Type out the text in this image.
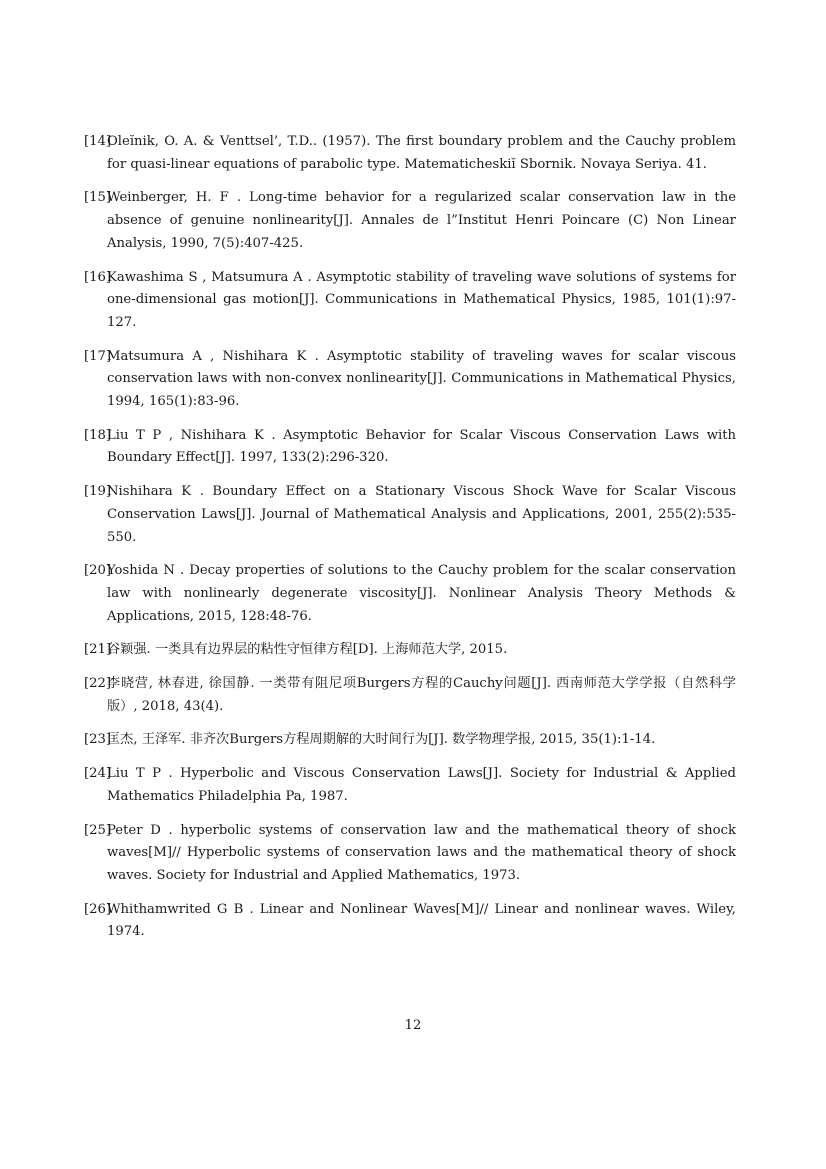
[14]
Oleĭnik, O. A. & Venttsel’, T.D.. (1957). The first boundary problem and the Cauchy problem for quasi-linear equations of parabolic type. Matematicheskiĭ Sbornik. Novaya Seriya. 41.
[15]
Weinberger, H. F . Long-time behavior for a regularized scalar conservation law in the absence of genuine nonlinearity[J]. Annales de l”Institut Henri Poincare (C) Non Linear Analysis, 1990, 7(5):407-425.
[16]
Kawashima S , Matsumura A . Asymptotic stability of traveling wave solutions of systems for one-dimensional gas motion[J]. Communications in Mathematical Physics, 1985, 101(1):97-127.
[17]
Matsumura A , Nishihara K . Asymptotic stability of traveling waves for scalar viscous conservation laws with non-convex nonlinearity[J]. Communications in Mathematical Physics, 1994, 165(1):83-96.
[18]
Liu T P , Nishihara K . Asymptotic Behavior for Scalar Viscous Conservation Laws with Boundary Effect[J]. 1997, 133(2):296-320.
[19]
Nishihara K . Boundary Effect on a Stationary Viscous Shock Wave for Scalar Viscous Conservation Laws[J]. Journal of Mathematical Analysis and Applications, 2001, 255(2):535-550.
[20]
Yoshida N . Decay properties of solutions to the Cauchy problem for the scalar conservation law with nonlinearly degenerate viscosity[J]. Nonlinear Analysis Theory Methods & Applications, 2015, 128:48-76.
[21]
谷颖强. 一类具有边界层的粘性守恒律方程[D]. 上海师范大学, 2015.
[22]
李晓营, 林春进, 徐国静. 一类带有阻尼项Burgers方程的Cauchy问题[J]. 西南师范大学学报（自然科学版）, 2018, 43(4).
[23]
匡杰, 王泽军. 非齐次Burgers方程周期解的大时间行为[J]. 数学物理学报, 2015, 35(1):1-14.
[24]
Liu T P . Hyperbolic and Viscous Conservation Laws[J]. Society for Industrial & Applied Mathematics Philadelphia Pa, 1987.
[25]
Peter D . hyperbolic systems of conservation law and the mathematical theory of shock waves[M]// Hyperbolic systems of conservation laws and the mathematical theory of shock waves. Society for Industrial and Applied Mathematics, 1973.
[26]
Whithamwrited G B . Linear and Nonlinear Waves[M]// Linear and nonlinear waves. Wiley, 1974.
12
